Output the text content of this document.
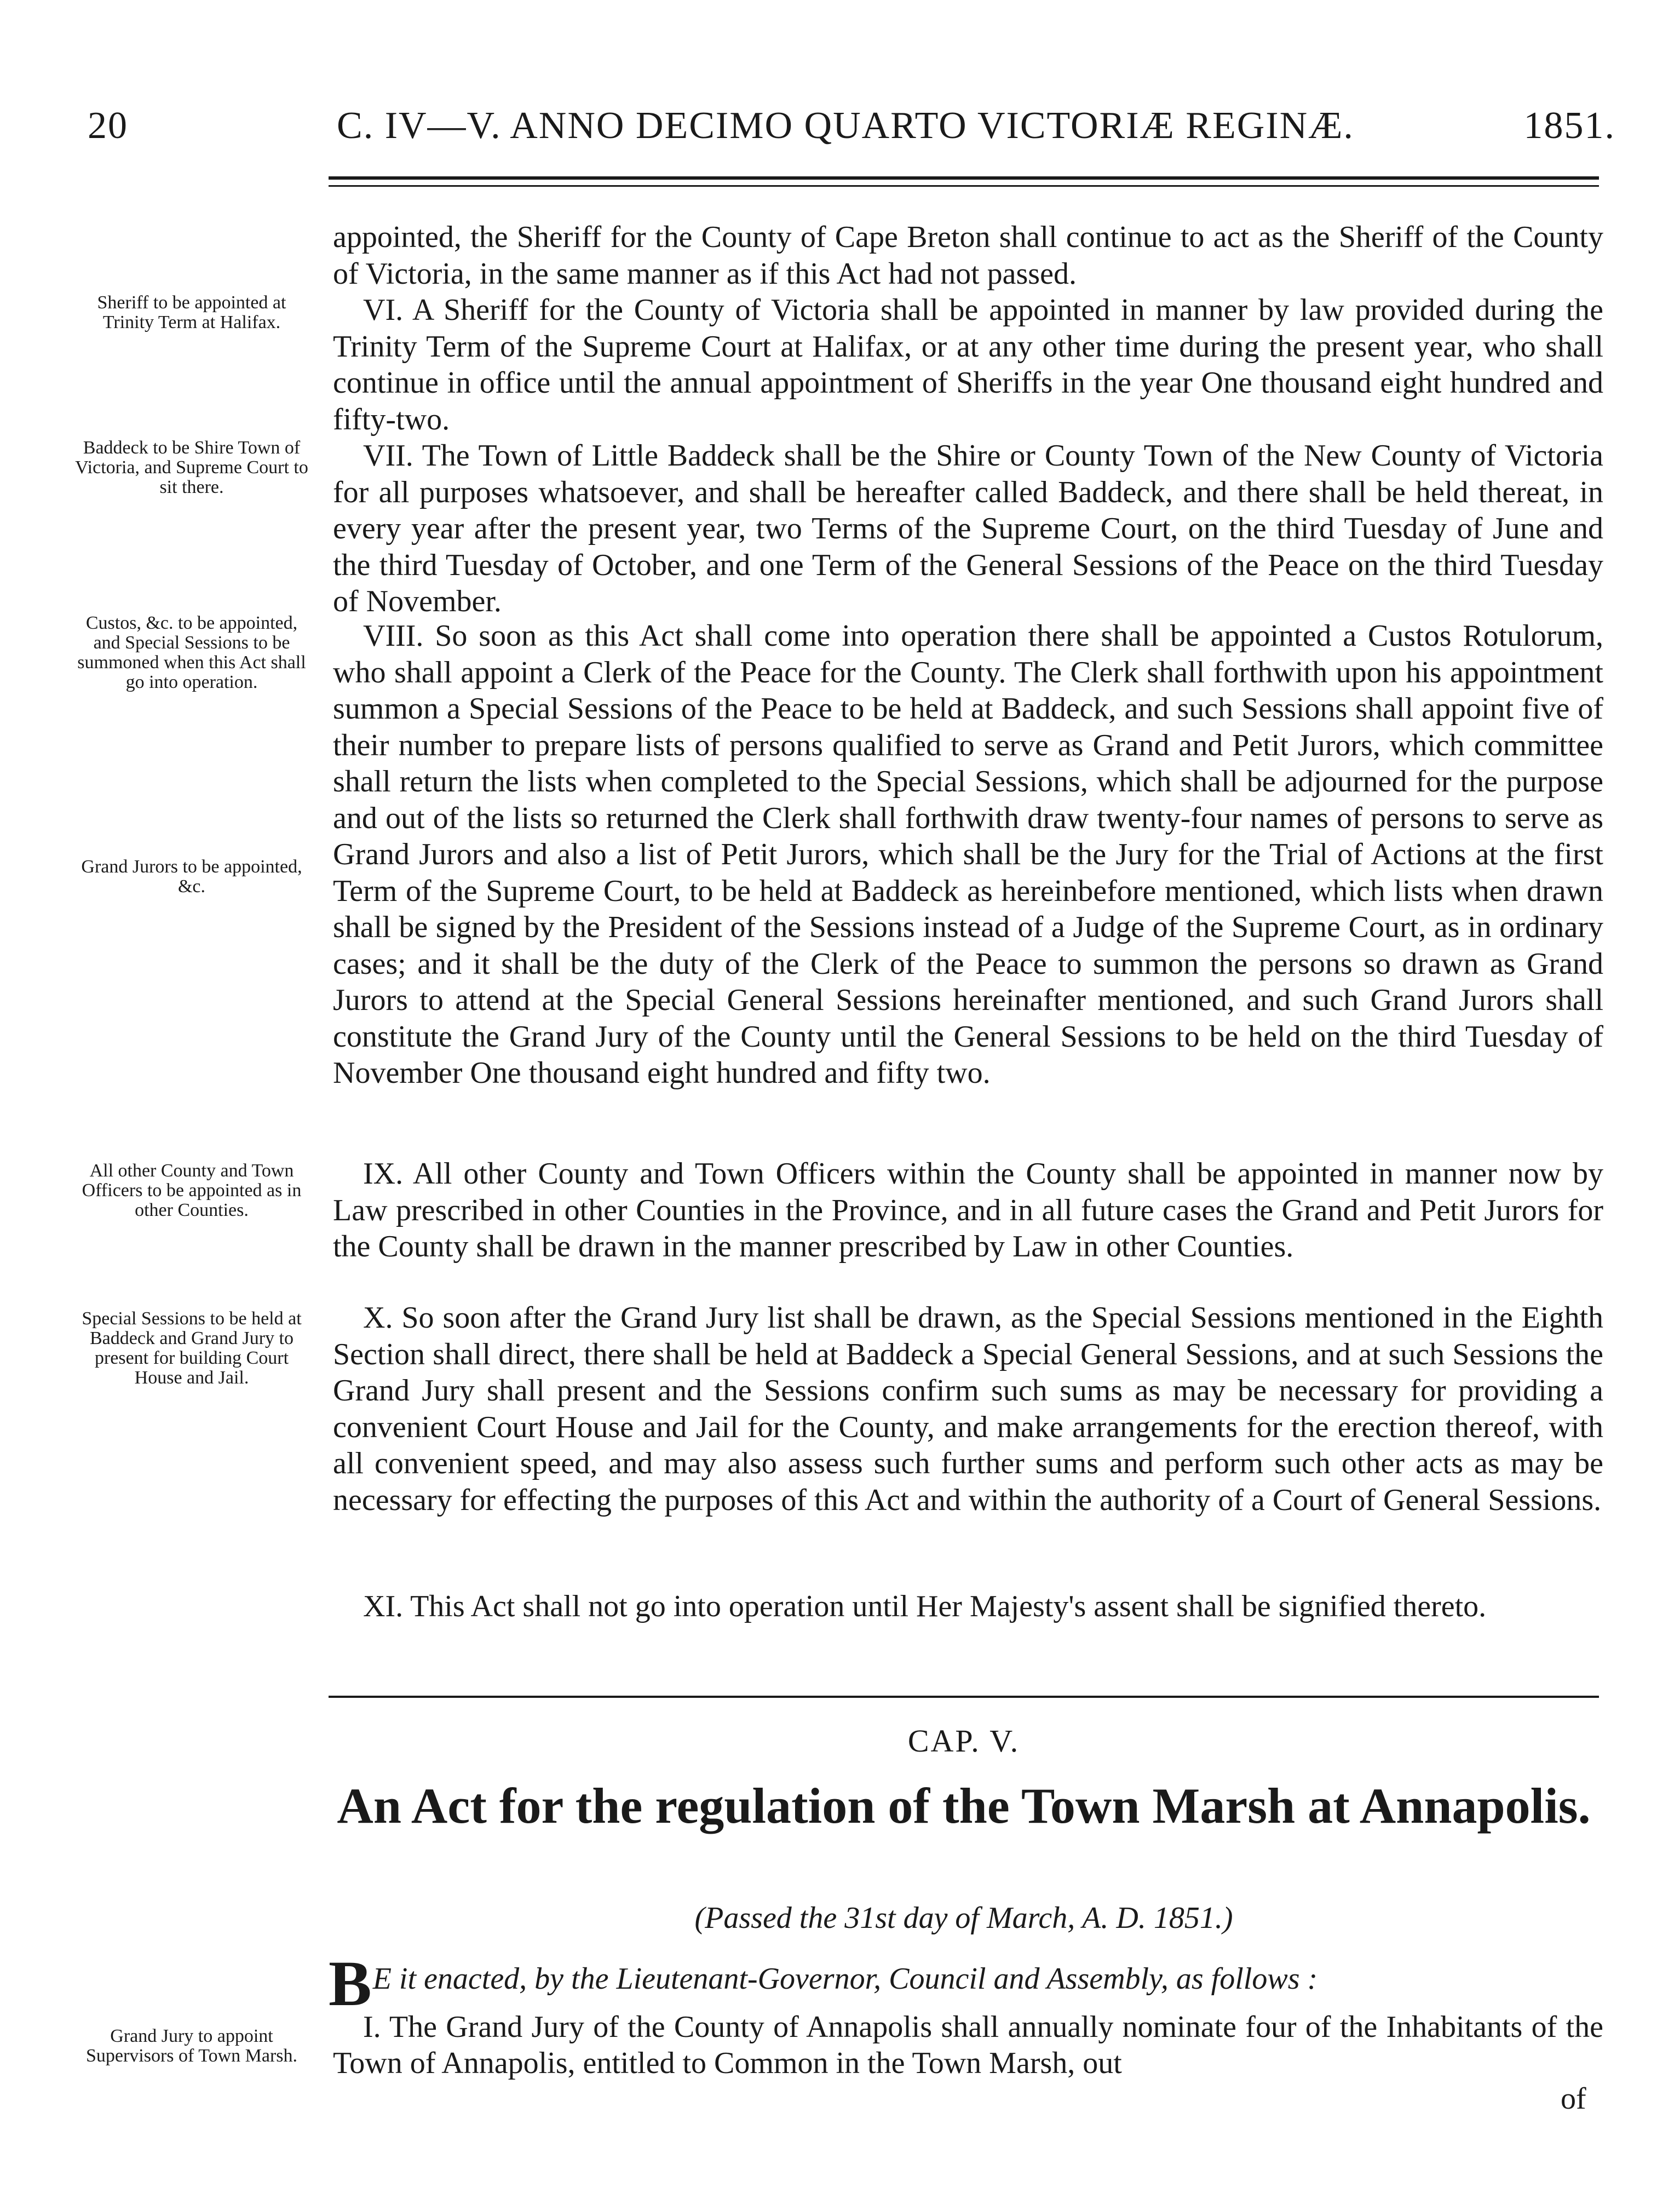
20	C. IV—V. ANNO DECIMO QUARTO VICTORIÆ REGINÆ.	1851.
Sheriff to be appointed at Trinity Term at Halifax.
Baddeck to be Shire Town of Victoria, and Supreme Court to sit there.
Custos, &c. to be appointed, and Special Sessions to be summoned when this Act shall go into operation.
Grand Jurors to be appointed, &c.
All other County and Town Officers to be appointed as in other Counties.
Special Sessions to be held at Baddeck and Grand Jury to present for building Court House and Jail.
Grand Jury to appoint Supervisors of Town Marsh.

appointed, the Sheriff for the County of Cape Breton shall continue to act as the Sheriff of the County of Victoria, in the same manner as if this Act had not passed.

VI. A Sheriff for the County of Victoria shall be appointed in manner by law provided during the Trinity Term of the Supreme Court at Halifax, or at any other time during the present year, who shall continue in office until the annual appointment of Sheriffs in the year One thousand eight hundred and fifty-two.

VII. The Town of Little Baddeck shall be the Shire or County Town of the New County of Victoria for all purposes whatsoever, and shall be hereafter called Baddeck, and there shall be held thereat, in every year after the present year, two Terms of the Supreme Court, on the third Tuesday of June and the third Tuesday of October, and one Term of the General Sessions of the Peace on the third Tuesday of November.

VIII. So soon as this Act shall come into operation there shall be appointed a Custos Rotulorum, who shall appoint a Clerk of the Peace for the County. The Clerk shall forthwith upon his appointment summon a Special Sessions of the Peace to be held at Baddeck, and such Sessions shall appoint five of their number to prepare lists of persons qualified to serve as Grand and Petit Jurors, which committee shall return the lists when completed to the Special Sessions, which shall be adjourned for the purpose and out of the lists so returned the Clerk shall forthwith draw twenty-four names of persons to serve as Grand Jurors and also a list of Petit Jurors, which shall be the Jury for the Trial of Actions at the first Term of the Supreme Court, to be held at Baddeck as hereinbefore mentioned, which lists when drawn shall be signed by the President of the Sessions instead of a Judge of the Supreme Court, as in ordinary cases; and it shall be the duty of the Clerk of the Peace to summon the persons so drawn as Grand Jurors to attend at the Special General Sessions hereinafter mentioned, and such Grand Jurors shall constitute the Grand Jury of the County until the General Sessions to be held on the third Tuesday of November One thousand eight hundred and fifty two.

IX. All other County and Town Officers within the County shall be appointed in manner now by Law prescribed in other Counties in the Province, and in all future cases the Grand and Petit Jurors for the County shall be drawn in the manner prescribed by Law in other Counties.

X. So soon after the Grand Jury list shall be drawn, as the Special Sessions mentioned in the Eighth Section shall direct, there shall be held at Baddeck a Special General Sessions, and at such Sessions the Grand Jury shall present and the Sessions confirm such sums as may be necessary for providing a convenient Court House and Jail for the County, and make arrangements for the erection thereof, with all convenient speed, and may also assess such further sums and perform such other acts as may be necessary for effecting the purposes of this Act and within the authority of a Court of General Sessions.

XI. This Act shall not go into operation until Her Majesty's assent shall be signified thereto.

CAP. V.
An Act for the regulation of the Town Marsh at Annapolis.
(Passed the 31st day of March, A. D. 1851.)
B E it enacted, by the Lieutenant-Governor, Council and Assembly, as follows :

I. The Grand Jury of the County of Annapolis shall annually nominate four of the Inhabitants of the Town of Annapolis, entitled to Common in the Town Marsh, out

of
